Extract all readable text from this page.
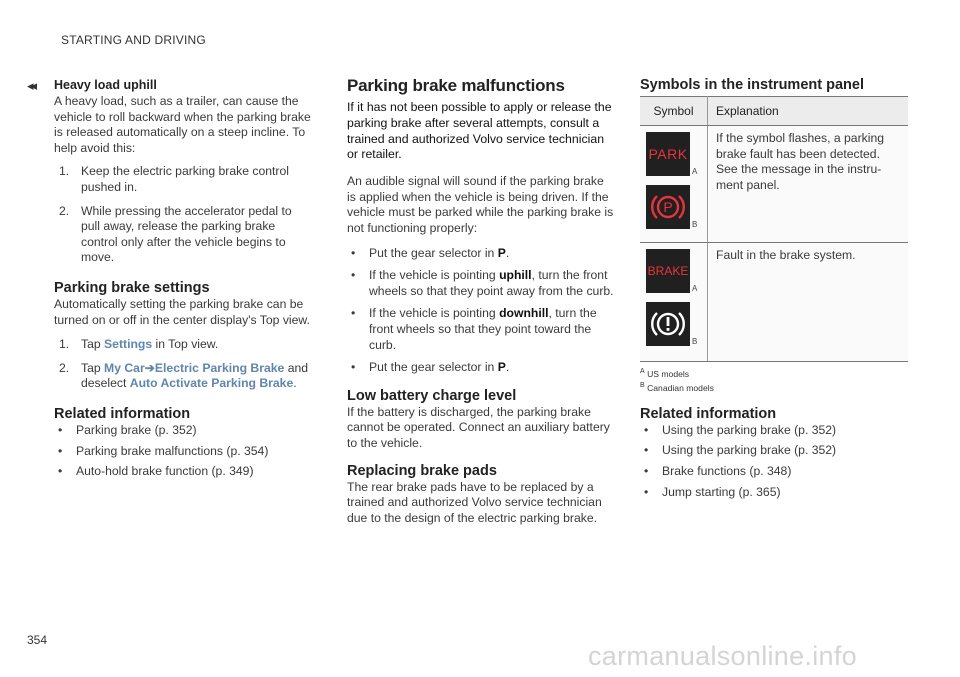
STARTING AND DRIVING
◂◂ Heavy load uphill

A heavy load, such as a trailer, can cause the vehicle to roll backward when the parking brake is released automatically on a steep incline. To help avoid this:

1. Keep the electric parking brake control pushed in.
2. While pressing the accelerator pedal to pull away, release the parking brake control only after the vehicle begins to move.

Parking brake settings

Automatically setting the parking brake can be turned on or off in the center display's Top view.

1. Tap Settings in Top view.
2. Tap My Car➔Electric Parking Brake and deselect Auto Activate Parking Brake.

Related information

• Parking brake (p. 352)
• Parking brake malfunctions (p. 354)
• Auto-hold brake function (p. 349)

Parking brake malfunctions

If it has not been possible to apply or release the parking brake after several attempts, consult a trained and authorized Volvo service technician or retailer.

An audible signal will sound if the parking brake is applied when the vehicle is being driven. If the vehicle must be parked while the parking brake is not functioning properly:

• Put the gear selector in P.
• If the vehicle is pointing uphill, turn the front wheels so that they point away from the curb.
• If the vehicle is pointing downhill, turn the front wheels so that they point toward the curb.
• Put the gear selector in P.

Low battery charge level

If the battery is discharged, the parking brake cannot be operated. Connect an auxiliary battery to the vehicle.

Replacing brake pads

The rear brake pads have to be replaced by a trained and authorized Volvo service technician due to the design of the electric parking brake.

Symbols in the instrument panel

Symbol	Explanation

PARK
A
P
B	If the symbol flashes, a parking brake fault has been detected. See the message in the instru-ment panel.

BRAKE
A
B	Fault in the brake system.
$^A$ US models
$^B$ Canadian models

Related information

• Using the parking brake (p. 352)
• Using the parking brake (p. 352)
• Brake functions (p. 348)
• Jump starting (p. 365)
354
carmanualsonline.info
